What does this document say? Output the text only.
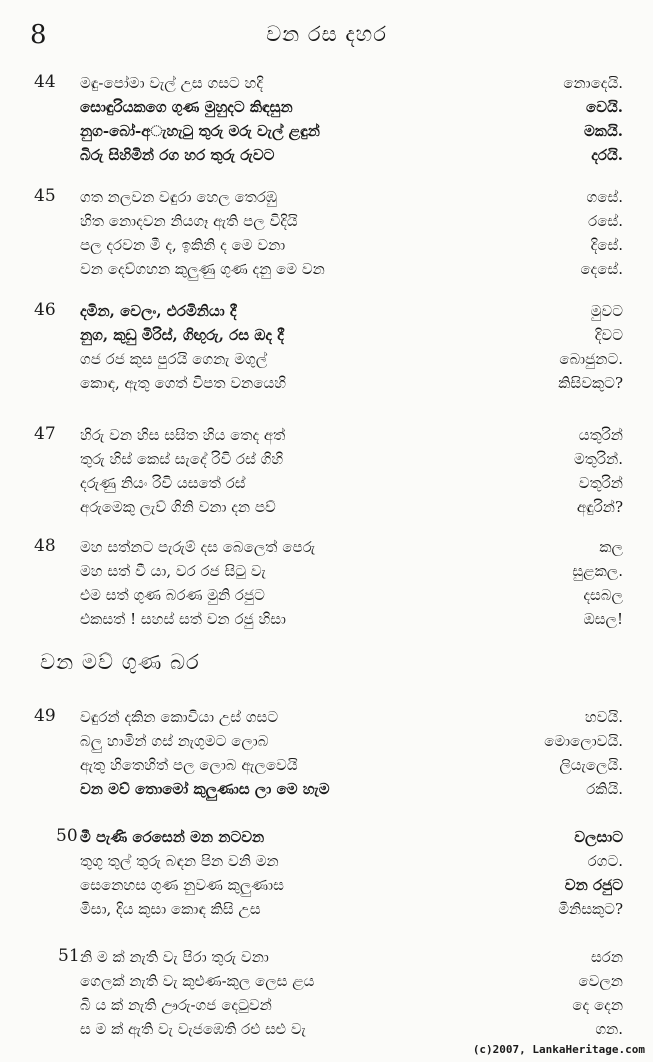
8	වන රස දහර
44 මඳු-පෝමා වැල් උස ගසට හදි	නොදෙයි.
සොඳුරියකගෙ ගුණ මුහුදට කිඳසුන	වෙයි.
නුග-බෝ-අැහැටු තුරු මරු වැල් ළඳුන්	මකයි.
බිරු සිහිමින් රග හර තුරු රුවට	දරයි.
45 ගත නලවන වඳුරා හෙල තෙරඹු	ගසේ.
හිත නොදවන නියගෑ ඇති පල විදියි	රසේ.
පල දරවන මී ද, ඉකිනි ද මෙ වනා	දිසේ.
වන දෙව්ගහන කුලුණු ගුණ දනු මෙ වන	දෙසේ.
46 දමින, වෙලං, එරමිනියා දී	මුවට
නුග, කුඩු මිරිස්, ගිඟුරු, රස ඔද දී	දිවට
ගජ රජ කුස පුරයි ගෙනැ මගුල්	බොජුනට.
කොඳ, ඇතු ගෙත් විපත වනයෙහි	කිසිවකුට?
47 හිරු වන හිස සසිත හිය තෙද අත්	යතුරින්
තුරු හිස් කෙස් සැදේ රිවි රස් ගිහි	මතුරින්.
දරුණු නියං රිවි යසතේ රස්	වතුරින්
අරුමෙකු ලැව් ගිනි වනා දන පව්	අඳුරින්?
48 මහ සත්නට පැරුම් දස බෙලෙත් පෙරු	කල
මහ සත් වී යා, වර රජ සිටු වැ	සුළකල.
එම සත් ගුණ බරණ මුනි රජුට	දසබල
එකසත් ! සහස් සත් වන රජු හිසා	ඔසල!
වන මව් ගුණ බර
49 වඳුරන් දකින කොවියා උස් ගසට	හවයි.
බලු හාමින් ගස් නැගුමට ලොබ	මොලොවයි.
ඇතු හිතෙහිත් පල ලොබ ඇලවෙයි	ලියැලෙයි.
වන මව් තොමෝ කුලුණාස ලා මෙ හැම	රකියි.
50 මී පැණි රෙසෙන් මන නටවන	වලසාට
තුගු තුල් තුරු බඳන පින වනි මන	රගට.
සෙනෙහස ගුණ නුවණ කුලුණාස	වන රජුට
මිසා, දිය කුසා කොඳ කිසි උස	මිනිසකුට?
51 නි ම ක් නැති වැ පිරා තුරු වනා	සරන
ගෙලක් නැති වැ කුළුණ-කුල ලෙස ළය	වෙලන
බි ය ක් නැති ඌරු-ගජ දෙටුවන්	දෙ දෙන
ස ම ක් ඇති වැ වැජඹෙති රළු සළු වැ	ගන.
(c)2007, LankaHeritage.com
